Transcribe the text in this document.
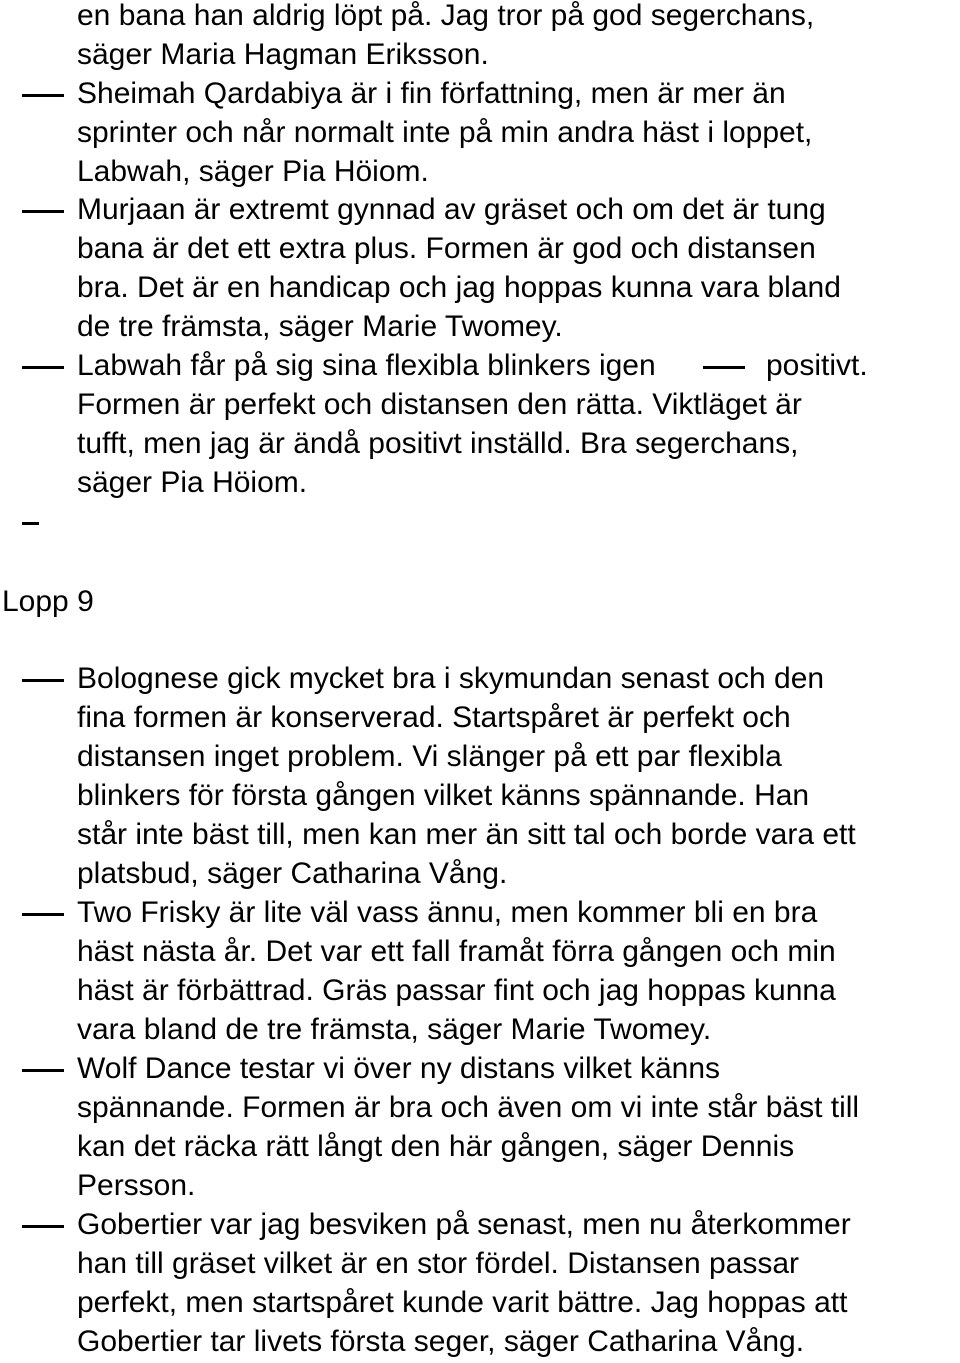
en bana han aldrig löpt på. Jag tror på god segerchans,
säger Maria Hagman Eriksson.
Sheimah Qardabiya är i fin författning, men är mer än
sprinter och når normalt inte på min andra häst i loppet,
Labwah, säger Pia Höiom.
Murjaan är extremt gynnad av gräset och om det är tung
bana är det ett extra plus. Formen är god och distansen
bra. Det är en handicap och jag hoppas kunna vara bland
de tre främsta, säger Marie Twomey.
Labwah får på sig sina flexibla blinkers igen	positivt.
Formen är perfekt och distansen den rätta. Viktläget är
tufft, men jag är ändå positivt inställd. Bra segerchans,
säger Pia Höiom.
Lopp 9
Bolognese gick mycket bra i skymundan senast och den
fina formen är konserverad. Startspåret är perfekt och
distansen inget problem. Vi slänger på ett par flexibla
blinkers för första gången vilket känns spännande. Han
står inte bäst till, men kan mer än sitt tal och borde vara ett
platsbud, säger Catharina Vång.
Two Frisky är lite väl vass ännu, men kommer bli en bra
häst nästa år. Det var ett fall framåt förra gången och min
häst är förbättrad. Gräs passar fint och jag hoppas kunna
vara bland de tre främsta, säger Marie Twomey.
Wolf Dance testar vi över ny distans vilket känns
spännande. Formen är bra och även om vi inte står bäst till
kan det räcka rätt långt den här gången, säger Dennis
Persson.
Gobertier var jag besviken på senast, men nu återkommer
han till gräset vilket är en stor fördel. Distansen passar
perfekt, men startspåret kunde varit bättre. Jag hoppas att
Gobertier tar livets första seger, säger Catharina Vång.
